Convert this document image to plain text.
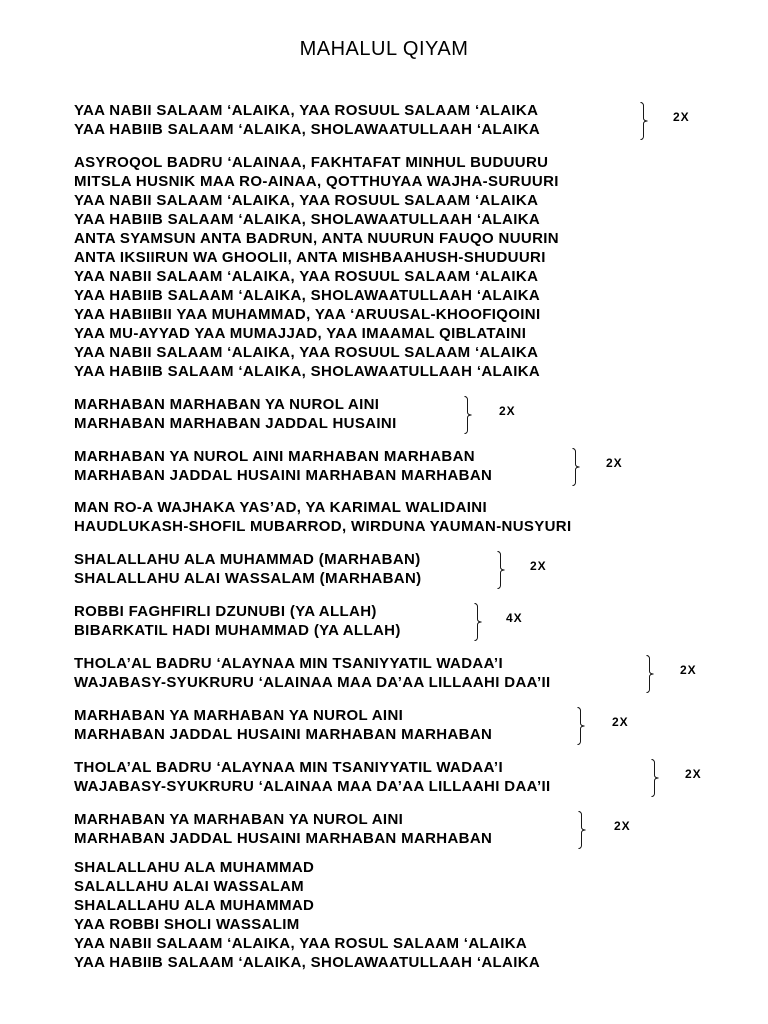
MAHALUL QIYAM
YAA NABII SALAAM ‘ALAIKA, YAA ROSUUL SALAAM ‘ALAIKA
YAA HABIIB SALAAM ‘ALAIKA, SHOLAWAATULLAAH ‘ALAIKA
2X
ASYROQOL BADRU ‘ALAINAA, FAKHTAFAT MINHUL BUDUURU
MITSLA HUSNIK MAA RO-AINAA, QOTTHUYAA WAJHA-SURUURI
YAA NABII SALAAM ‘ALAIKA, YAA ROSUUL SALAAM ‘ALAIKA
YAA HABIIB SALAAM ‘ALAIKA, SHOLAWAATULLAAH ‘ALAIKA
ANTA SYAMSUN ANTA BADRUN, ANTA NUURUN FAUQO NUURIN
ANTA IKSIIRUN WA GHOOLII, ANTA MISHBAAHUSH-SHUDUURI
YAA NABII SALAAM ‘ALAIKA, YAA ROSUUL SALAAM ‘ALAIKA
YAA HABIIB SALAAM ‘ALAIKA, SHOLAWAATULLAAH ‘ALAIKA
YAA HABIIBII YAA MUHAMMAD, YAA ‘ARUUSAL-KHOOFIQOINI
YAA MU-AYYAD YAA MUMAJJAD, YAA IMAAMAL QIBLATAINI
YAA NABII SALAAM ‘ALAIKA, YAA ROSUUL SALAAM ‘ALAIKA
YAA HABIIB SALAAM ‘ALAIKA, SHOLAWAATULLAAH ‘ALAIKA
MARHABAN MARHABAN YA NUROL AINI
MARHABAN MARHABAN JADDAL HUSAINI
2X
MARHABAN YA NUROL AINI MARHABAN MARHABAN
MARHABAN JADDAL HUSAINI MARHABAN MARHABAN
2X
MAN RO-A WAJHAKA YAS’AD, YA KARIMAL WALIDAINI
HAUDLUKASH-SHOFIL MUBARROD, WIRDUNA YAUMAN-NUSYURI
SHALALLAHU ALA MUHAMMAD (MARHABAN)
SHALALLAHU ALAI WASSALAM (MARHABAN)
2X
ROBBI FAGHFIRLI DZUNUBI (YA ALLAH)
BIBARKATIL HADI MUHAMMAD (YA ALLAH)
4X
THOLA’AL BADRU ‘ALAYNAA MIN TSANIYYATIL WADAA’I
WAJABASY-SYUKRURU ‘ALAINAA MAA DA’AA LILLAAHI DAA’II
2X
MARHABAN YA MARHABAN YA NUROL AINI
MARHABAN JADDAL HUSAINI MARHABAN MARHABAN
2X
THOLA’AL BADRU ‘ALAYNAA MIN TSANIYYATIL WADAA’I
WAJABASY-SYUKRURU ‘ALAINAA MAA DA’AA LILLAAHI DAA’II
2X
MARHABAN YA MARHABAN YA NUROL AINI
MARHABAN JADDAL HUSAINI MARHABAN MARHABAN
2X
SHALALLAHU ALA MUHAMMAD
SALALLAHU ALAI WASSALAM
SHALALLAHU ALA MUHAMMAD
YAA ROBBI SHOLI WASSALIM
YAA NABII SALAAM ‘ALAIKA, YAA ROSUL SALAAM ‘ALAIKA
YAA HABIIB SALAAM ‘ALAIKA, SHOLAWAATULLAAH ‘ALAIKA
